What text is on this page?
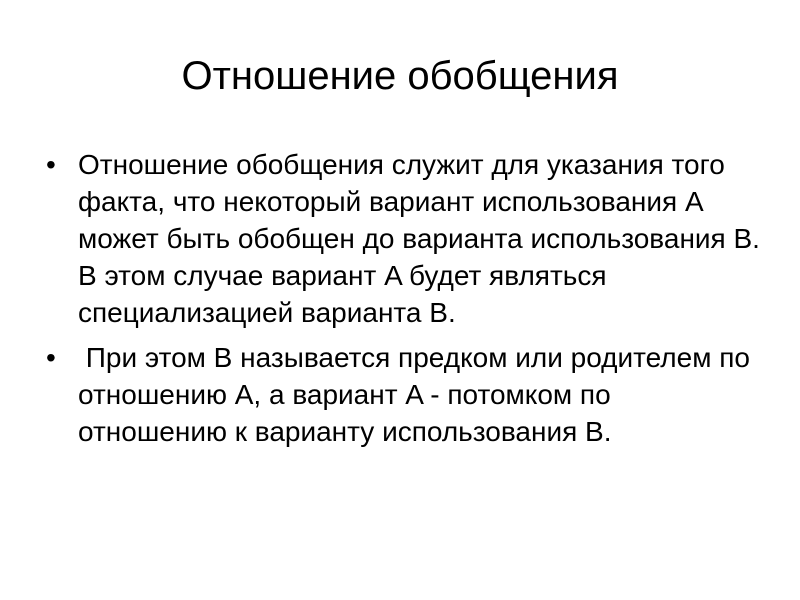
Отношение обобщения
• Отношение обобщения служит для указания того факта, что некоторый вариант использования A может быть обобщен до варианта использования B. В этом случае вариант A будет являться специализацией варианта B.
• При этом B называется предком или родителем по отношению A, а вариант A - потомком по отношению к варианту использования B.
